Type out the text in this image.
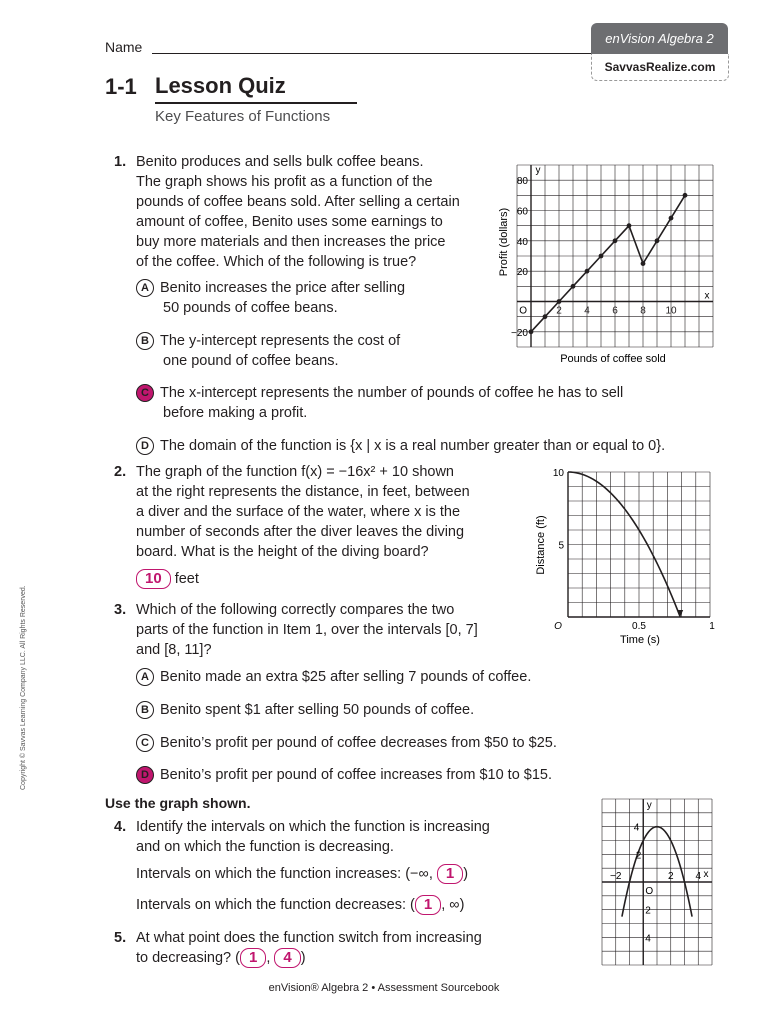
Name
enVision Algebra 2
SavvasRealize.com
1-1 Lesson Quiz
Key Features of Functions
1. Benito produces and sells bulk coffee beans.
The graph shows his profit as a function of the
pounds of coffee beans sold. After selling a certain
amount of coffee, Benito uses some earnings to
buy more materials and then increases the price
of the coffee. Which of the following is true?
A Benito increases the price after selling
50 pounds of coffee beans.
B The y-intercept represents the cost of
one pound of coffee beans.
C The x-intercept represents the number of pounds of coffee he has to sell
before making a profit.
D The domain of the function is {x | x is a real number greater than or equal to 0}.
2 4 6 8 10
80
60
40
20
−20
O
x
y
Profit (dollars)
Pounds of coffee sold
2. The graph of the function f(x) = −16x² + 10 shown
at the right represents the distance, in feet, between
a diver and the surface of the water, where x is the
number of seconds after the diver leaves the diving
board. What is the height of the diving board?
10 feet
10
5
0.5	1
O
Distance (ft)
Time (s)
3. Which of the following correctly compares the two
parts of the function in Item 1, over the intervals [0, 7]
and [8, 11]?
A Benito made an extra $25 after selling 7 pounds of coffee.
B Benito spent $1 after selling 50 pounds of coffee.
C Benito’s profit per pound of coffee decreases from $50 to $25.
D Benito’s profit per pound of coffee increases from $10 to $15.
Use the graph shown.
4. Identify the intervals on which the function is increasing
and on which the function is decreasing.
Intervals on which the function increases: (−∞, 1 )
Intervals on which the function decreases: ( 1 , ∞)
5. At what point does the function switch from increasing
to decreasing? ( 1 , 4 )
−2	2 4
4
2
2
4
O
x
y
Copyright © Savvas Learning Company LLC. All Rights Reserved.
enVision® Algebra 2 • Assessment Sourcebook
